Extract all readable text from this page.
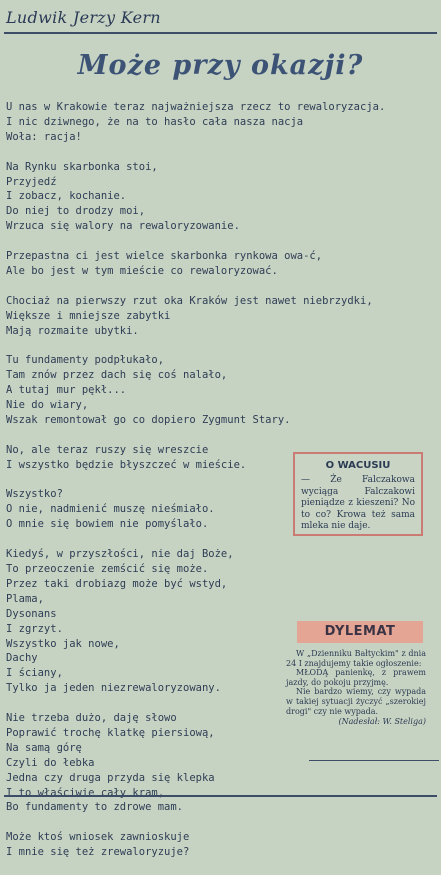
Ludwik Jerzy Kern
Może przy okazji?
U nas w Krakowie teraz najważniejsza rzecz to rewaloryzacja.
I nic dziwnego, że na to hasło cała nasza nacja
Woła: racja!
Na Rynku skarbonka stoi,
Przyjedź
I zobacz, kochanie.
Do niej to drodzy moi,
Wrzuca się walory na rewaloryzowanie.
Przepastna ci jest wielce skarbonka rynkowa owa-ć,
Ale bo jest w tym mieście co rewaloryzować.
Chociaż na pierwszy rzut oka Kraków jest nawet niebrzydki,
Większe i mniejsze zabytki
Mają rozmaite ubytki.
Tu fundamenty podpłukało,
Tam znów przez dach się coś nalało,
A tutaj mur pękł...
Nie do wiary,
Wszak remontował go co dopiero Zygmunt Stary.
No, ale teraz ruszy się wreszcie
I wszystko będzie błyszczeć w mieście.
Wszystko?
O nie, nadmienić muszę nieśmiało.
O mnie się bowiem nie pomyślało.
Kiedyś, w przyszłości, nie daj Boże,
To przeoczenie zemścić się może.
Przez taki drobiazg może być wstyd,
Plama,
Dysonans
I zgrzyt.
Wszystko jak nowe,
Dachy
I ściany,
Tylko ja jeden niezrewaloryzowany.
Nie trzeba dużo, daję słowo
Poprawić trochę klatkę piersiową,
Na samą górę
Czyli do łebka
Jedna czy druga przyda się klepka
I to właściwie cały kram,
Bo fundamenty to zdrowe mam.
Może ktoś wniosek zawnioskuje
I mnie się też zrewaloryzuje?
O WACUSIU
— Że Falczakowa wyciąga Falczakowi pieniądze z kieszeni? No to co? Krowa też sama mleka nie daje.
DYLEMAT

W „Dzienniku Bałtyckim" z dnia 24 I znajdujemy takie ogłoszenie:

MŁODĄ panienkę, z prawem jazdy, do pokoju przyjmę.

Nie bardzo wiemy, czy wypada w takiej sytuacji życzyć „szerokiej drogi" czy nie wypada.

(Nadesłał: W. Steliga)
